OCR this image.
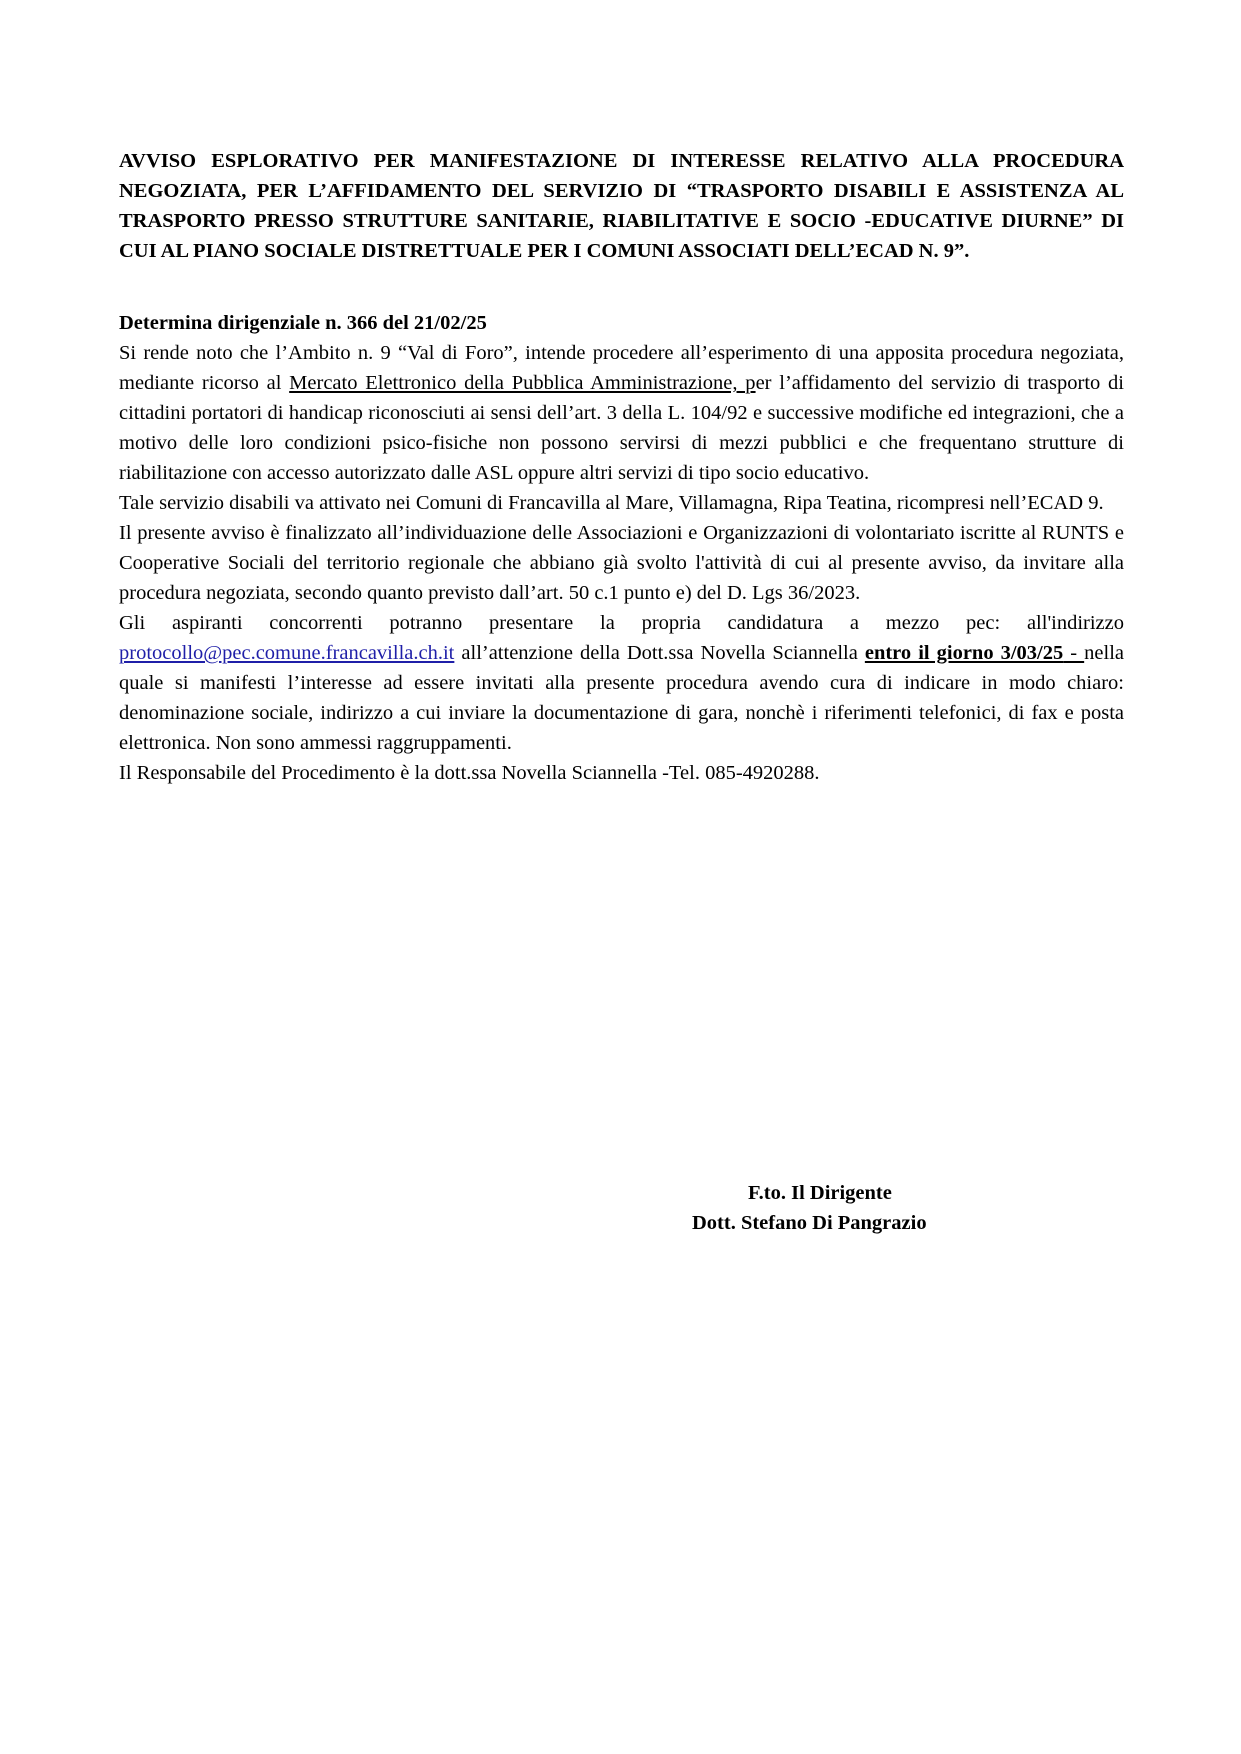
AVVISO ESPLORATIVO PER MANIFESTAZIONE DI INTERESSE RELATIVO ALLA PROCEDURA NEGOZIATA, PER L’AFFIDAMENTO DEL SERVIZIO DI “TRASPORTO DISABILI E ASSISTENZA AL TRASPORTO PRESSO STRUTTURE SANITARIE, RIABILITATIVE E SOCIO -EDUCATIVE DIURNE” DI CUI AL PIANO SOCIALE DISTRETTUALE PER I COMUNI ASSOCIATI DELL’ECAD N. 9”.

Determina dirigenziale n. 366 del 21/02/25

Si rende noto che l’Ambito n. 9 “Val di Foro”, intende procedere all’esperimento di una apposita procedura negoziata, mediante ricorso al Mercato Elettronico della Pubblica Amministrazione, per l’affidamento del servizio di trasporto di cittadini portatori di handicap riconosciuti ai sensi dell’art. 3 della L. 104/92 e successive modifiche ed integrazioni, che a motivo delle loro condizioni psico-fisiche non possono servirsi di mezzi pubblici e che frequentano strutture di riabilitazione con accesso autorizzato dalle ASL oppure altri servizi di tipo socio educativo.

Tale servizio disabili va attivato nei Comuni di Francavilla al Mare, Villamagna, Ripa Teatina, ricompresi nell’ECAD 9.

Il presente avviso è finalizzato all’individuazione delle Associazioni e Organizzazioni di volontariato iscritte al RUNTS e Cooperative Sociali del territorio regionale che abbiano già svolto l'attività di cui al presente avviso, da invitare alla procedura negoziata, secondo quanto previsto dall’art. 50 c.1 punto e) del D. Lgs 36/2023.

Gli aspiranti concorrenti potranno presentare la propria candidatura a mezzo pec: all'indirizzo protocollo@pec.comune.francavilla.ch.it all’attenzione della Dott.ssa Novella Sciannella entro il giorno 3/03/25 - nella quale si manifesti l’interesse ad essere invitati alla presente procedura avendo cura di indicare in modo chiaro: denominazione sociale, indirizzo a cui inviare la documentazione di gara, nonchè i riferimenti telefonici, di fax e posta elettronica. Non sono ammessi raggruppamenti.

Il Responsabile del Procedimento è la dott.ssa Novella Sciannella -Tel. 085-4920288.

F.to. Il Dirigente
Dott. Stefano Di Pangrazio
